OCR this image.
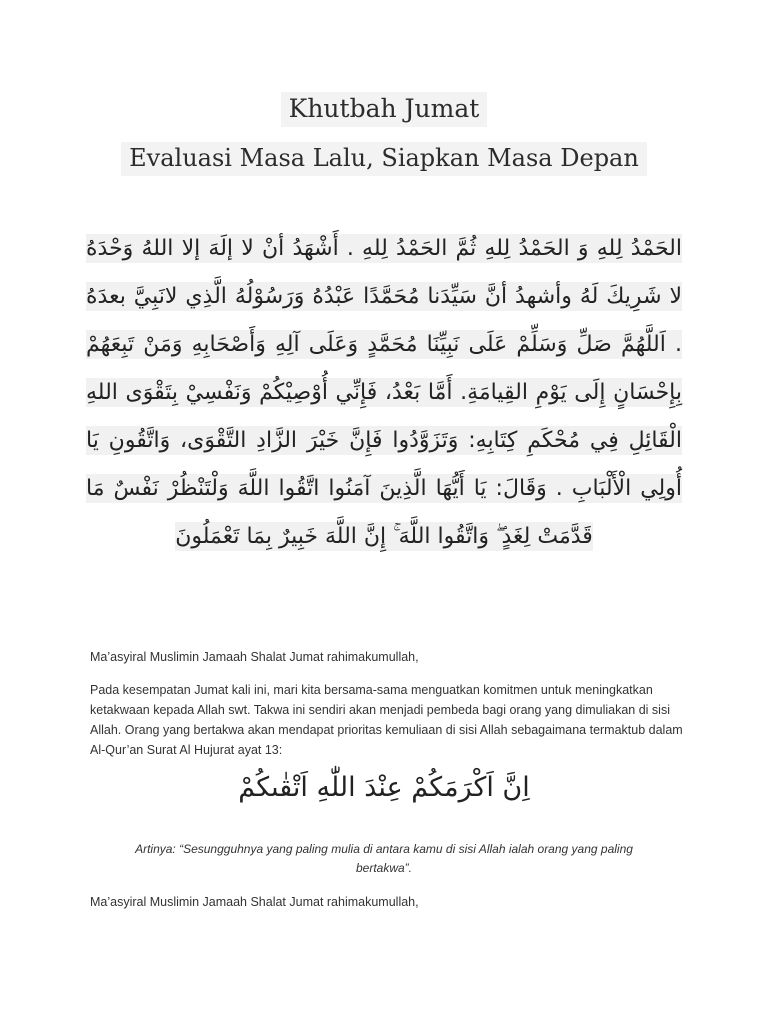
Khutbah Jumat
Evaluasi Masa Lalu, Siapkan Masa Depan
الحَمْدُ لِلهِ وَ الحَمْدُ لِلهِ ثُمَّ الحَمْدُ لِلهِ . أَشْهَدُ أنْ لا إلَهَ إلا اللهُ وَحْدَهُ لا شَرِيكَ لَهُ وأشهدُ أنَّ سَيِّدَنا مُحَمَّدًا عَبْدُهُ وَرَسُوْلُهُ الَّذِي لانَبِيَّ بعدَهُ . اَللَّهُمَّ صَلِّ وَسَلِّمْ عَلَى نَبِيِّنَا مُحَمَّدٍ وَعَلَى آلِهِ وَأَصْحَابِهِ وَمَنْ تَبِعَهُمْ بِإِحْسَانٍ إِلَى يَوْمِ القِيامَةِ. أَمَّا بَعْدُ، فَإِنِّي أُوْصِيْكُمْ وَنَفْسِيْ بِتَقْوَى اللهِ الْقَائِلِ فِي مُحْكَمِ كِتَابِهِ: وَتَزَوَّدُوا فَإِنَّ خَيْرَ الزَّادِ التَّقْوَى، وَاتَّقُونِ يَا أُولِي الْأَلْبَابِ . وَقَالَ: يَا أَيُّهَا الَّذِينَ آمَنُوا اتَّقُوا اللَّهَ وَلْتَنْظُرْ نَفْسٌ مَا قَدَّمَتْ لِغَدٍ ۖ وَاتَّقُوا اللَّهَ ۚ إِنَّ اللَّهَ خَبِيرٌ بِمَا تَعْمَلُونَ
Ma’asyiral Muslimin Jamaah Shalat Jumat rahimakumullah,
Pada kesempatan Jumat kali ini, mari kita bersama-sama menguatkan komitmen untuk meningkatkan ketakwaan kepada Allah swt. Takwa ini sendiri akan menjadi pembeda bagi orang yang dimuliakan di sisi Allah. Orang yang bertakwa akan mendapat prioritas kemuliaan di sisi Allah sebagaimana termaktub dalam Al-Qur’an Surat Al Hujurat ayat 13:
اِنَّ اَكْرَمَكُمْ عِنْدَ اللّٰهِ اَتْقٰىكُمْ
Artinya: “Sesungguhnya yang paling mulia di antara kamu di sisi Allah ialah orang yang paling bertakwa”.
Ma’asyiral Muslimin Jamaah Shalat Jumat rahimakumullah,
